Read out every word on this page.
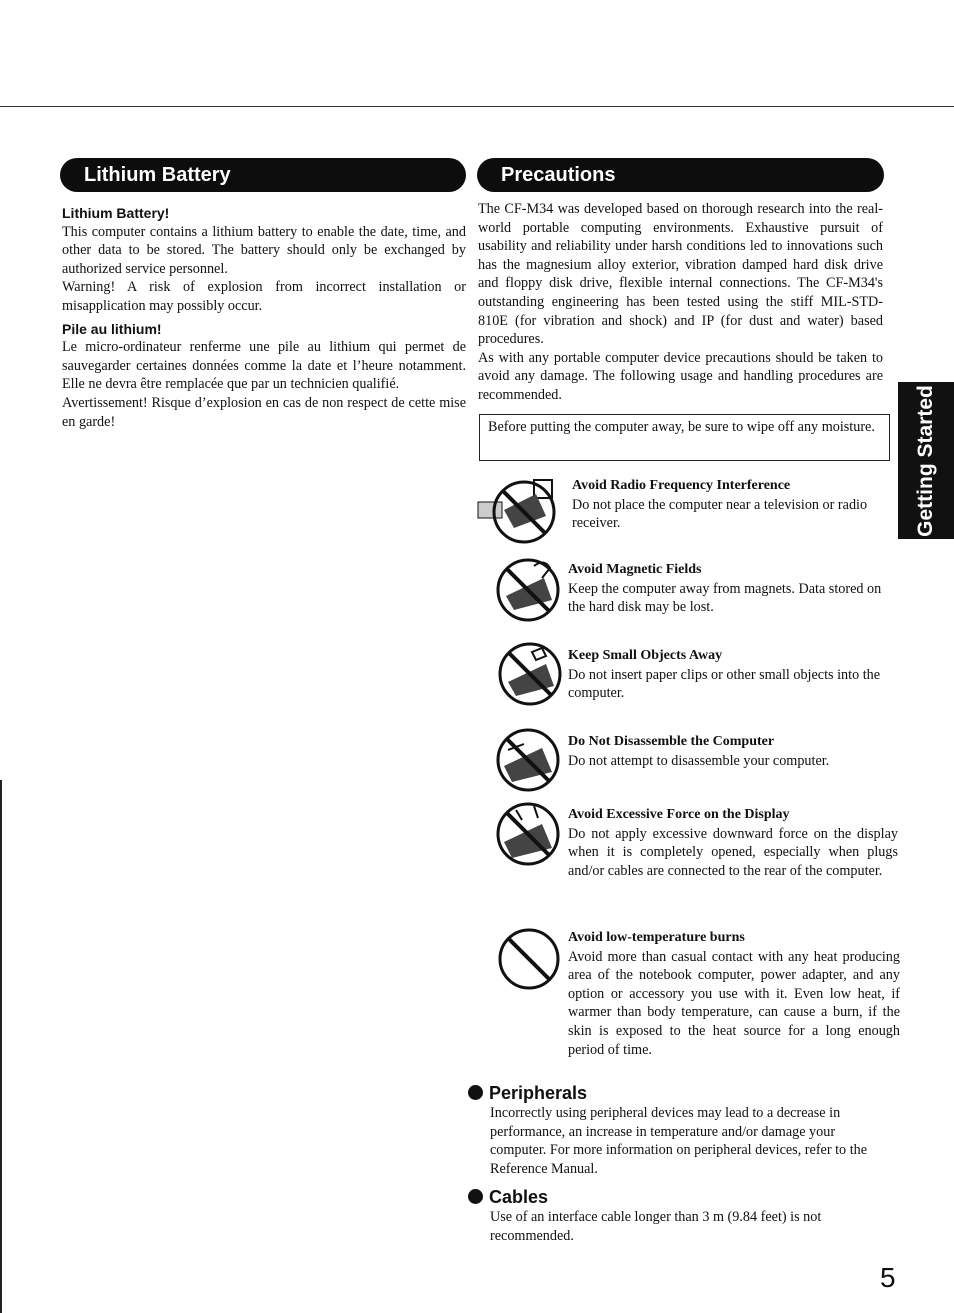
Lithium Battery
Lithium Battery!

This computer contains a lithium battery to enable the date, time, and other data to be stored. The battery should only be exchanged by authorized service personnel.

Warning! A risk of explosion from incorrect installation or misapplication may possibly occur.

Pile au lithium!

Le micro-ordinateur renferme une pile au lithium qui permet de sauvegarder certaines données comme la date et l’heure notamment. Elle ne devra être remplacée que par un technicien qualifié.

Avertissement! Risque d’explosion en cas de non respect de cette mise en garde!

Precautions

The CF-M34 was developed based on thorough research into the real-world portable computing environments. Exhaustive pursuit of usability and reliability under harsh conditions led to innovations such has the magnesium alloy exterior, vibration damped hard disk drive and floppy disk drive, flexible internal connections. The CF-M34's outstanding engineering has been tested using the stiff MIL-STD- 810E (for vibration and shock) and IP (for dust and water) based procedures.

As with any portable computer device precautions should be taken to avoid any damage. The following usage and handling procedures are recommended.

Before putting the computer away, be sure to wipe off any moisture.
Avoid Radio Frequency Interference
Do not place the computer near a television or radio receiver.
Avoid Magnetic Fields
Keep the computer away from magnets. Data stored on the hard disk may be lost.
Keep Small Objects Away
Do not insert paper clips or other small objects into the computer.
Do Not Disassemble the Computer
Do not attempt to disassemble your computer.
Avoid Excessive Force on the Display
Do not apply excessive downward force on the display when it is completely opened, especially when plugs and/or cables are connected to the rear of the computer.
Avoid low-temperature burns
Avoid more than casual contact with any heat producing area of the notebook computer, power adapter, and any option or accessory you use with it. Even low heat, if warmer than body temperature, can cause a burn, if the skin is exposed to the heat source for a long enough period of time.
Getting Started
Peripherals
Incorrectly using peripheral devices may lead to a decrease in performance, an increase in temperature and/or damage your computer. For more information on peripheral devices, refer to the Reference Manual.
Cables
Use of an interface cable longer than 3 m (9.84 feet) is not recommended.
5
